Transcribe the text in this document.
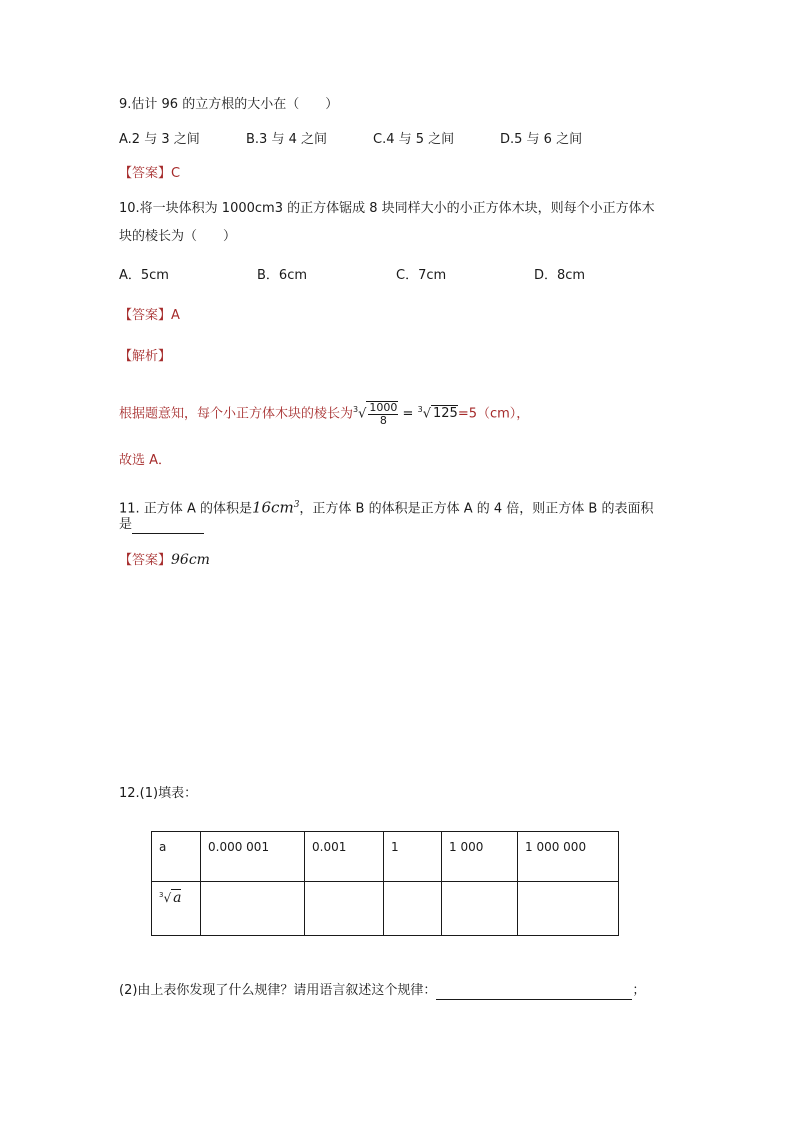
9.估计 96 的立方根的大小在（　　）
A.2 与 3 之间	B.3 与 4 之间	C.4 与 5 之间	D.5 与 6 之间
【答案】C
10.将一块体积为 1000cm3 的正方体锯成 8 块同样大小的小正方体木块，则每个小正方体木
块的棱长为（　　）
A．5cm	B．6cm	C．7cm	D．8cm
【答案】A
【解析】
根据题意知，每个小正方体木块的棱长为$^3√ \frac{1000}{8} = ^3√$ 125=5（cm），
故选 A．
11. 正方体 A 的体积是$16cm^3$，正方体 B 的体积是正方体 A 的 4 倍，则正方体 B 的表面积
是
【答案】96cm
12.(1)填表：
a	0.000 001	0.001	1	1 000	1 000 000
$^3$√ a					
(2)由上表你发现了什么规律？请用语言叙述这个规律：	；
